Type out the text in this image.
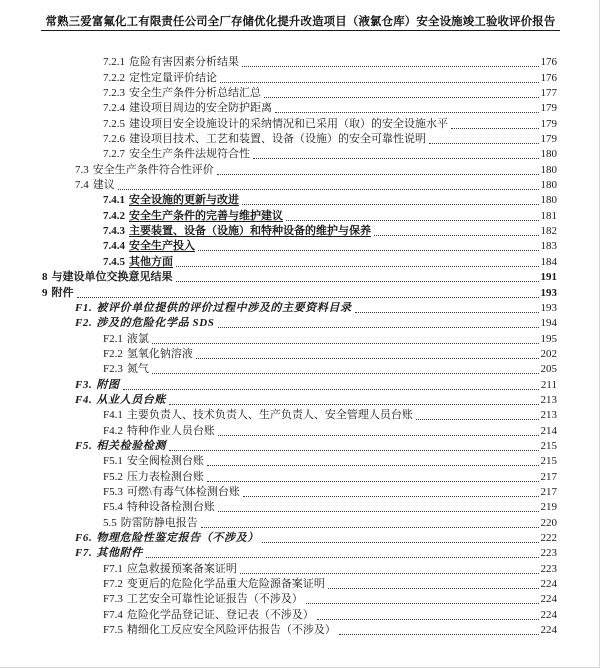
常熟三爱富氟化工有限责任公司全厂存储优化提升改造项目（液氯仓库）安全设施竣工验收评价报告
7.2.1 危险有害因素分析结果	176
7.2.2 定性定量评价结论	176
7.2.3 安全生产条件分析总结汇总	177
7.2.4 建设项目周边的安全防护距离	179
7.2.5 建设项目安全设施设计的采纳情况和已采用（取）的安全设施水平	179
7.2.6 建设项目技术、工艺和装置、设备（设施）的安全可靠性说明	179
7.2.7 安全生产条件法规符合性	180
7.3 安全生产条件符合性评价	180
7.4 建议	180
7.4.1 安全设施的更新与改进	180
7.4.2 安全生产条件的完善与维护建议	181
7.4.3 主要装置、设备（设施）和特种设备的维护与保养	182
7.4.4 安全生产投入	183
7.4.5 其他方面	184
8 与建设单位交换意见结果	191
9 附件	193
F1. 被评价单位提供的评价过程中涉及的主要资料目录	193
F2. 涉及的危险化学品 SDS	194
F2.1 液氯	195
F2.2 氢氧化钠溶液	202
F2.3 氮气	205
F3. 附图	211
F4. 从业人员台账	213
F4.1 主要负责人、技术负责人、生产负责人、安全管理人员台账	213
F4.2 特种作业人员台账	214
F5. 相关检验检测	215
F5.1 安全阀检测台账	215
F5.2 压力表检测台账	217
F5.3 可燃\有毒气体检测台账	217
F5.4 特种设备检测台账	219
5.5 防雷防静电报告	220
F6. 物理危险性鉴定报告（不涉及）	222
F7. 其他附件	223
F7.1 应急救援预案备案证明	223
F7.2 变更后的危险化学品重大危险源备案证明	224
F7.3 工艺安全可靠性论证报告（不涉及）	224
F7.4 危险化学品登记证、登记表（不涉及）	224
F7.5 精细化工反应安全风险评估报告（不涉及）	224
